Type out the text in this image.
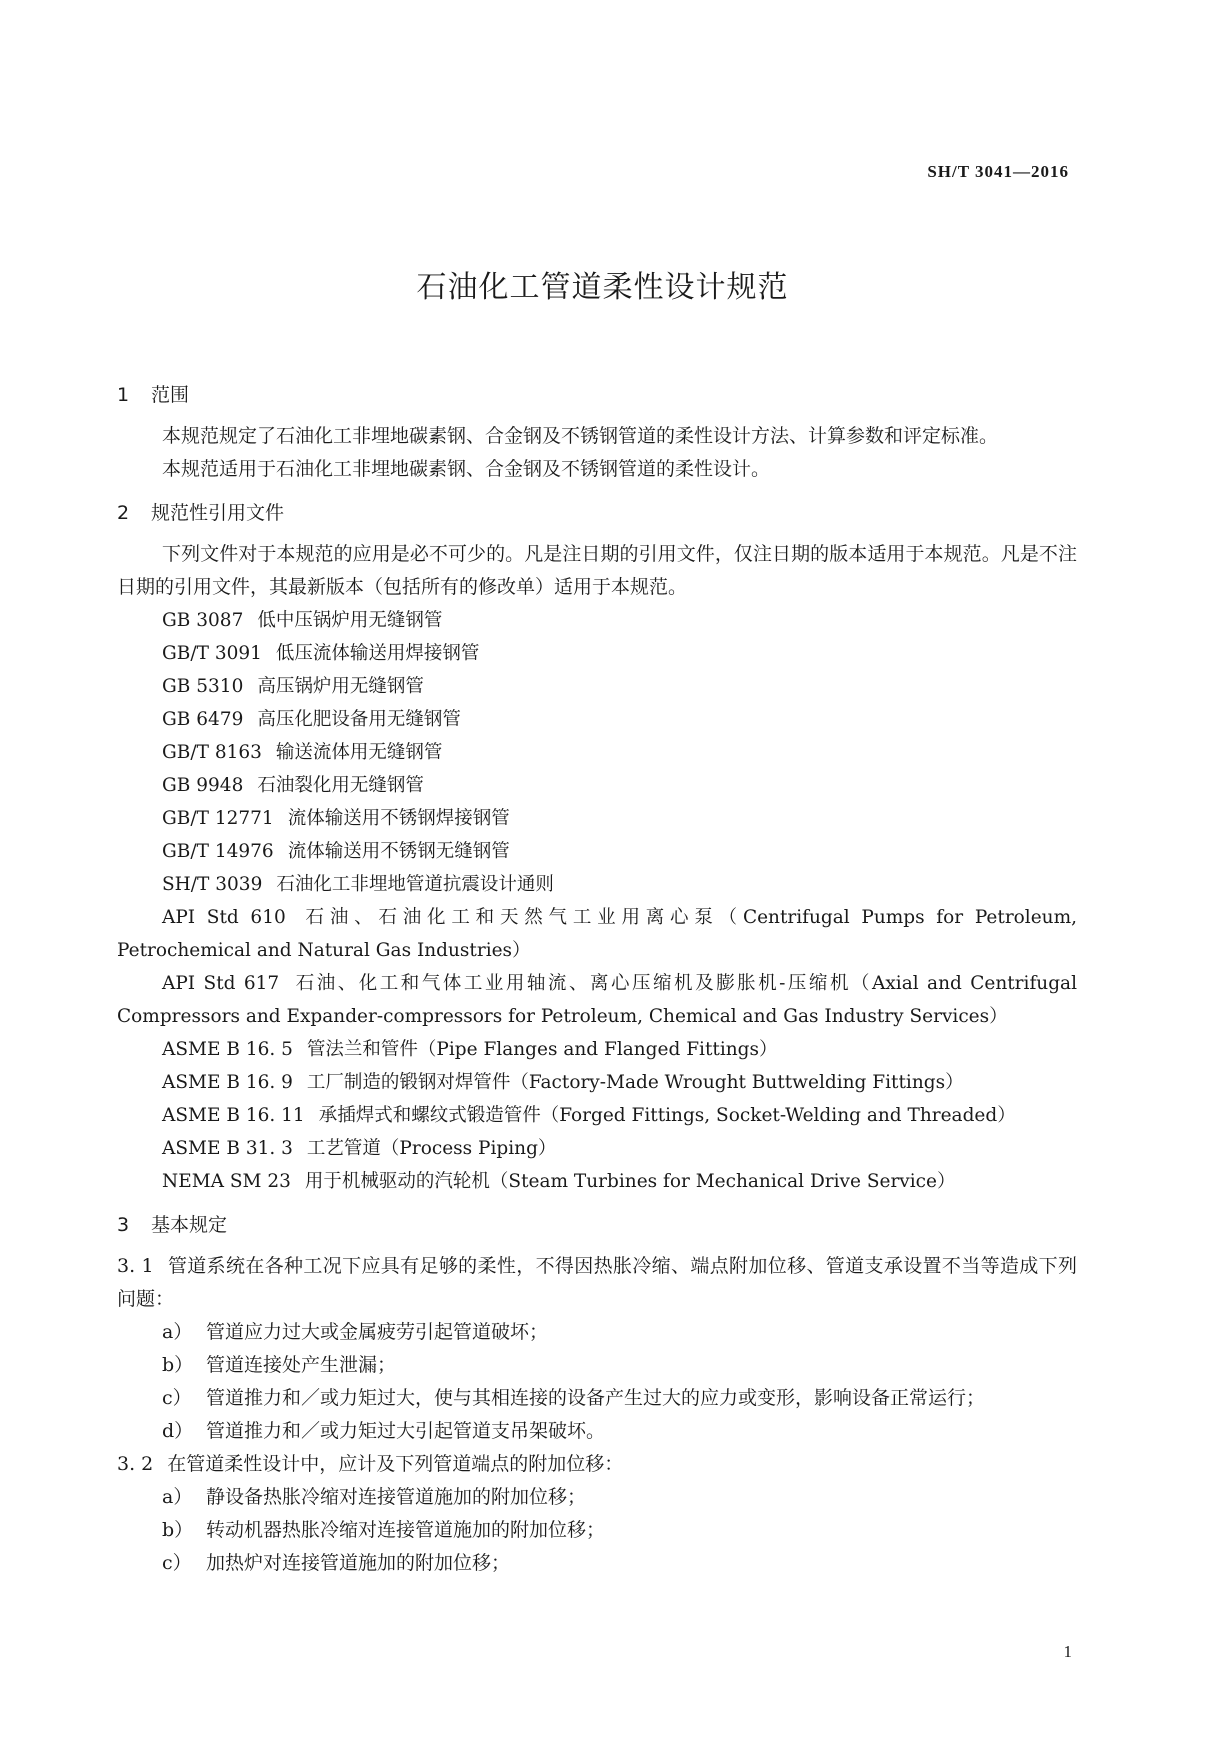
SH/T 3041—2016
石油化工管道柔性设计规范
1 范围
本规范规定了石油化工非埋地碳素钢、合金钢及不锈钢管道的柔性设计方法、计算参数和评定标准。
本规范适用于石油化工非埋地碳素钢、合金钢及不锈钢管道的柔性设计。
2 规范性引用文件
下列文件对于本规范的应用是必不可少的。凡是注日期的引用文件，仅注日期的版本适用于本规范。凡是不注日期的引用文件，其最新版本（包括所有的修改单）适用于本规范。
GB 3087 低中压锅炉用无缝钢管
GB/T 3091 低压流体输送用焊接钢管
GB 5310 高压锅炉用无缝钢管
GB 6479 高压化肥设备用无缝钢管
GB/T 8163 输送流体用无缝钢管
GB 9948 石油裂化用无缝钢管
GB/T 12771 流体输送用不锈钢焊接钢管
GB/T 14976 流体输送用不锈钢无缝钢管
SH/T 3039 石油化工非埋地管道抗震设计通则
API Std 610 石油、石油化工和天然气工业用离心泵（Centrifugal Pumps for Petroleum, Petrochemical and Natural Gas Industries）
API Std 617 石油、化工和气体工业用轴流、离心压缩机及膨胀机-压缩机（Axial and Centrifugal Compressors and Expander-compressors for Petroleum, Chemical and Gas Industry Services）
ASME B 16. 5 管法兰和管件（Pipe Flanges and Flanged Fittings）
ASME B 16. 9 工厂制造的锻钢对焊管件（Factory-Made Wrought Buttwelding Fittings）
ASME B 16. 11 承插焊式和螺纹式锻造管件（Forged Fittings, Socket-Welding and Threaded）
ASME B 31. 3 工艺管道（Process Piping）
NEMA SM 23 用于机械驱动的汽轮机（Steam Turbines for Mechanical Drive Service）
3 基本规定
3. 1 管道系统在各种工况下应具有足够的柔性，不得因热胀冷缩、端点附加位移、管道支承设置不当等造成下列问题：
a） 管道应力过大或金属疲劳引起管道破坏；
b） 管道连接处产生泄漏；
c） 管道推力和／或力矩过大，使与其相连接的设备产生过大的应力或变形，影响设备正常运行；
d） 管道推力和／或力矩过大引起管道支吊架破坏。
3. 2 在管道柔性设计中，应计及下列管道端点的附加位移：
a） 静设备热胀冷缩对连接管道施加的附加位移；
b） 转动机器热胀冷缩对连接管道施加的附加位移；
c） 加热炉对连接管道施加的附加位移；
1
